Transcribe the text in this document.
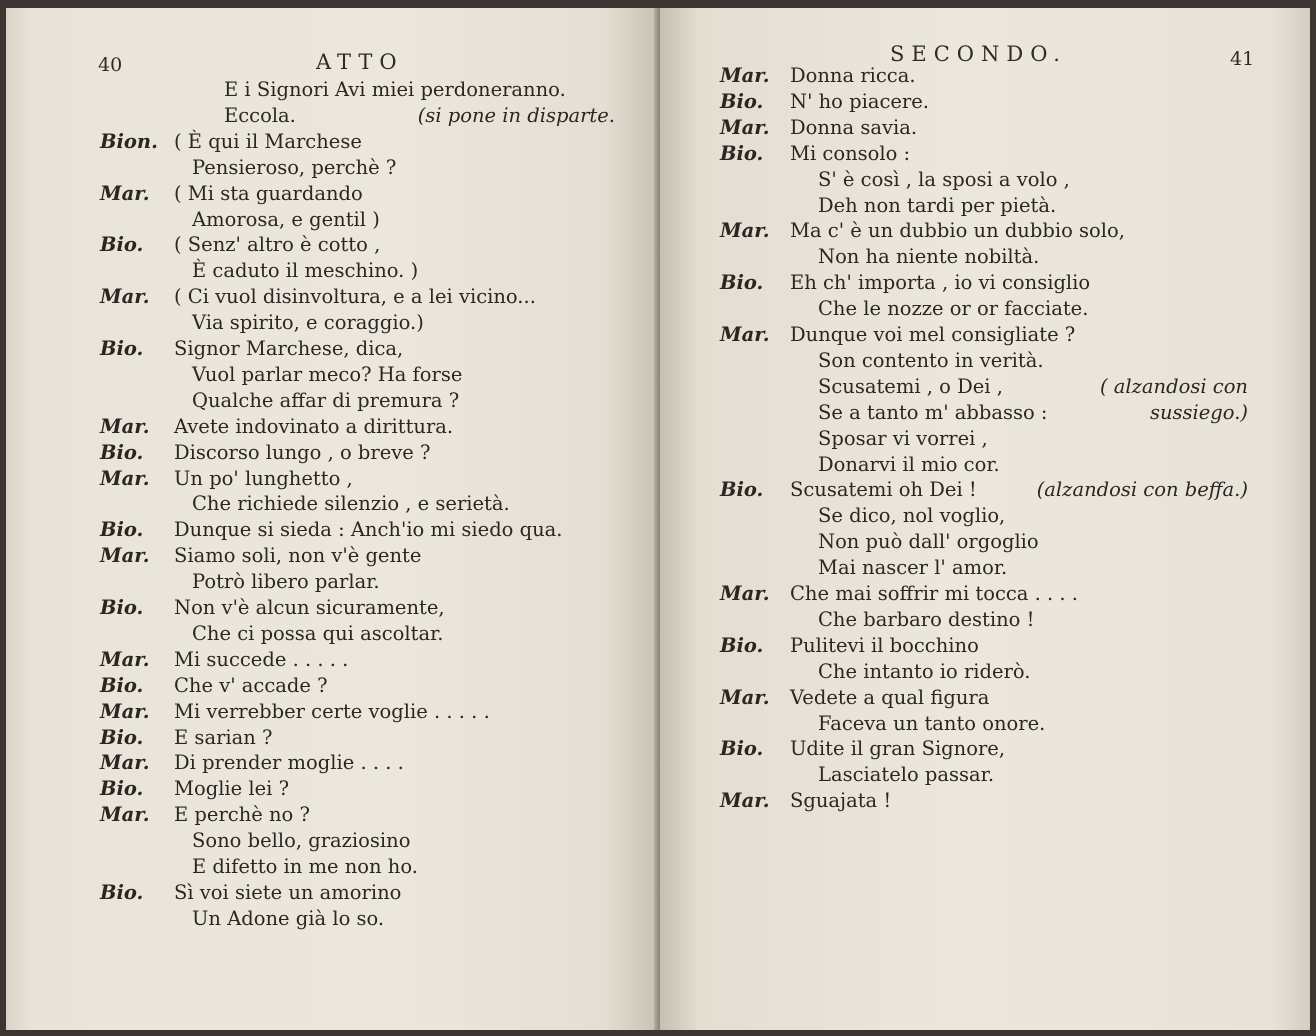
40	ATTO
E i Signori Avi miei perdoneranno.
Eccola.	(si pone in disparte.
Bion. ( È qui il Marchese
Pensieroso, perchè ?
Mar. ( Mi sta guardando
Amorosa, e gentil )
Bio. ( Senz' altro è cotto ,
È caduto il meschino. )
Mar. ( Ci vuol disinvoltura, e a lei vicino...
Via spirito, e coraggio.)
Bio. Signor Marchese, dica,
Vuol parlar meco? Ha forse
Qualche affar di premura ?
Mar. Avete indovinato a dirittura.
Bio. Discorso lungo , o breve ?
Mar. Un po' lunghetto ,
Che richiede silenzio , e serietà.
Bio. Dunque si sieda : Anch'io mi siedo qua.
Mar. Siamo soli, non v'è gente
Potrò libero parlar.
Bio. Non v'è alcun sicuramente,
Che ci possa qui ascoltar.
Mar. Mi succede . . . . .
Bio. Che v' accade ?
Mar. Mi verrebber certe voglie . . . . .
Bio. E sarian ?
Mar. Di prender moglie . . . .
Bio. Moglie lei ?
Mar. E perchè no ?
Sono bello, graziosino
E difetto in me non ho.
Bio. Sì voi siete un amorino
Un Adone già lo so.
SECONDO.	41
Mar. Donna ricca.
Bio. N' ho piacere.
Mar. Donna savia.
Bio. Mi consolo :
S' è così , la sposi a volo ,
Deh non tardi per pietà.
Mar. Ma c' è un dubbio un dubbio solo,
Non ha niente nobiltà.
Bio. Eh ch' importa , io vi consiglio
Che le nozze or or facciate.
Mar. Dunque voi mel consigliate ?
Son contento in verità.
Scusatemi , o Dei ,	( alzandosi con
Se a tanto m' abbasso :	sussiego.)
Sposar vi vorrei ,
Donarvi il mio cor.
Bio. Scusatemi oh Dei !	(alzandosi con beffa.)
Se dico, nol voglio,
Non può dall' orgoglio
Mai nascer l' amor.
Mar. Che mai soffrir mi tocca . . . .
Che barbaro destino !
Bio. Pulitevi il bocchino
Che intanto io riderò.
Mar. Vedete a qual figura
Faceva un tanto onore.
Bio. Udite il gran Signore,
Lasciatelo passar.
Mar. Sguajata !
